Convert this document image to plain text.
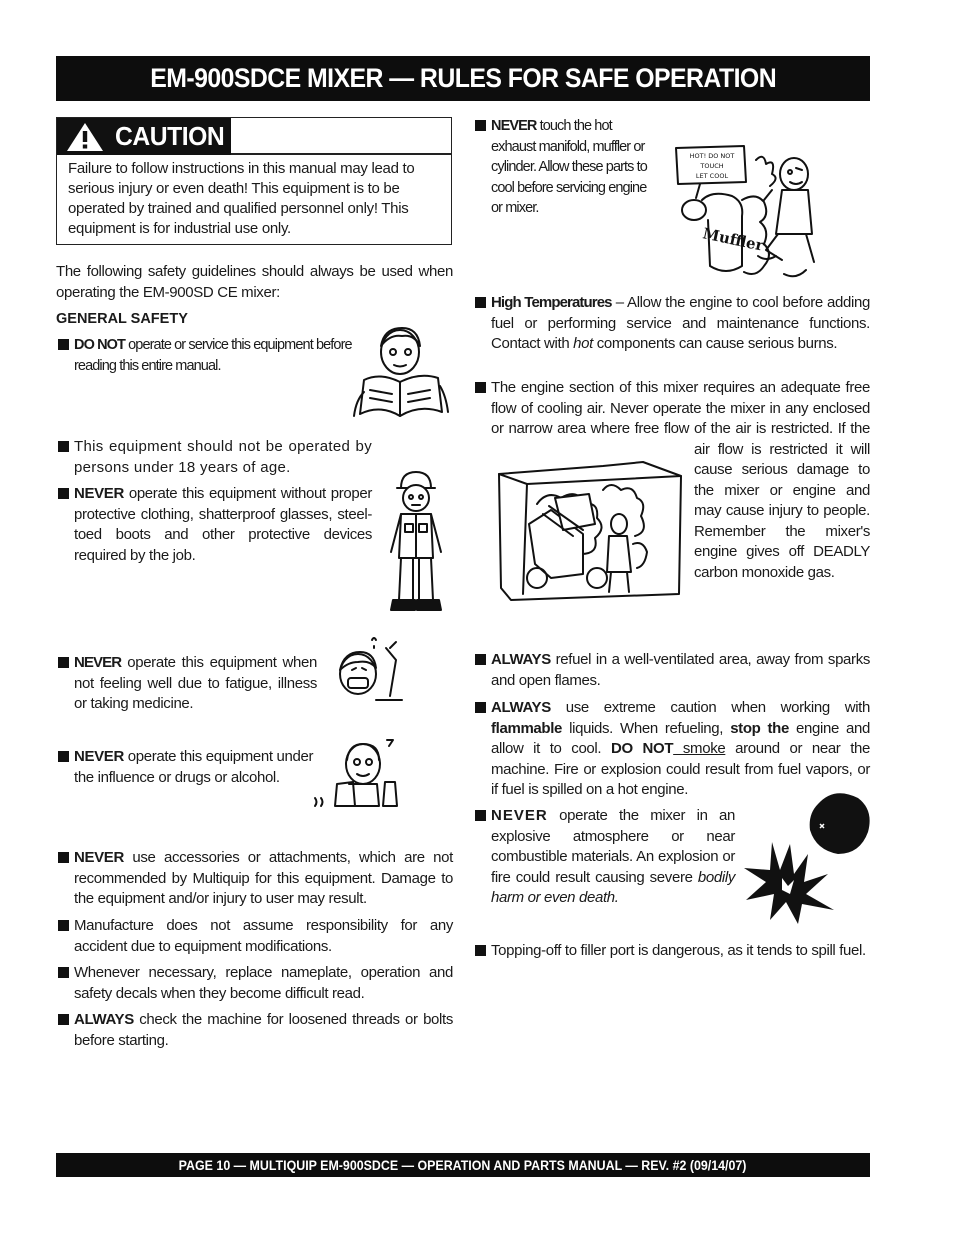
EM-900SDCE MIXER — RULES FOR SAFE OPERATION
CAUTION
Failure to follow instructions in this manual may lead to serious injury or even death! This equipment is to be operated by trained and qualified personnel only! This equipment is for industrial use only.
The following safety guidelines should always be used when operating the EM-900SD CE mixer:
GENERAL SAFETY
DO NOT operate or service this equipment before reading this entire manual.
This equipment should not be operated by persons under 18 years of age.
NEVER operate this equipment without proper protective clothing, shatterproof glasses, steel-toed boots and other protective devices required by the job.
NEVER operate this equipment when not feeling well due to fatigue, illness or taking medicine.
NEVER operate this equipment under the influence or drugs or alcohol.
NEVER use accessories or attachments, which are not recommended by Multiquip for this equipment. Damage to the equipment and/or injury to user may result.
Manufacture does not assume responsibility for any accident due to equipment modifications.
Whenever necessary, replace nameplate, operation and safety decals when they become difficult read.
ALWAYS check the machine for loosened threads or bolts before starting.
NEVER touch the hot exhaust manifold, muffler or cylinder. Allow these parts to cool before servicing engine or mixer.
High Temperatures – Allow the engine to cool before adding fuel or performing service and maintenance functions. Contact with hot components can cause serious burns.
The engine section of this mixer requires an adequate free flow of cooling air. Never operate the mixer in any enclosed or narrow area where free flow of the air is restricted. If the air flow is restricted it will cause serious damage to the mixer or engine and may cause injury to people. Remember the mixer's engine gives off DEADLY carbon monoxide gas.
ALWAYS refuel in a well-ventilated area, away from sparks and open flames.
ALWAYS use extreme caution when working with flammable liquids. When refueling, stop the engine and allow it to cool. DO NOT smoke around or near the machine. Fire or explosion could result from fuel vapors, or if fuel is spilled on a hot engine.
NEVER operate the mixer in an explosive atmosphere or near combustible materials. An explosion or fire could result causing severe bodily harm or even death.
Topping-off to filler port is dangerous, as it tends to spill fuel.
HOT! DO NOT
TOUCH
LET COOL
Muffler
PAGE 10 — MULTIQUIP EM-900SDCE — OPERATION AND PARTS MANUAL — REV. #2 (09/14/07)
